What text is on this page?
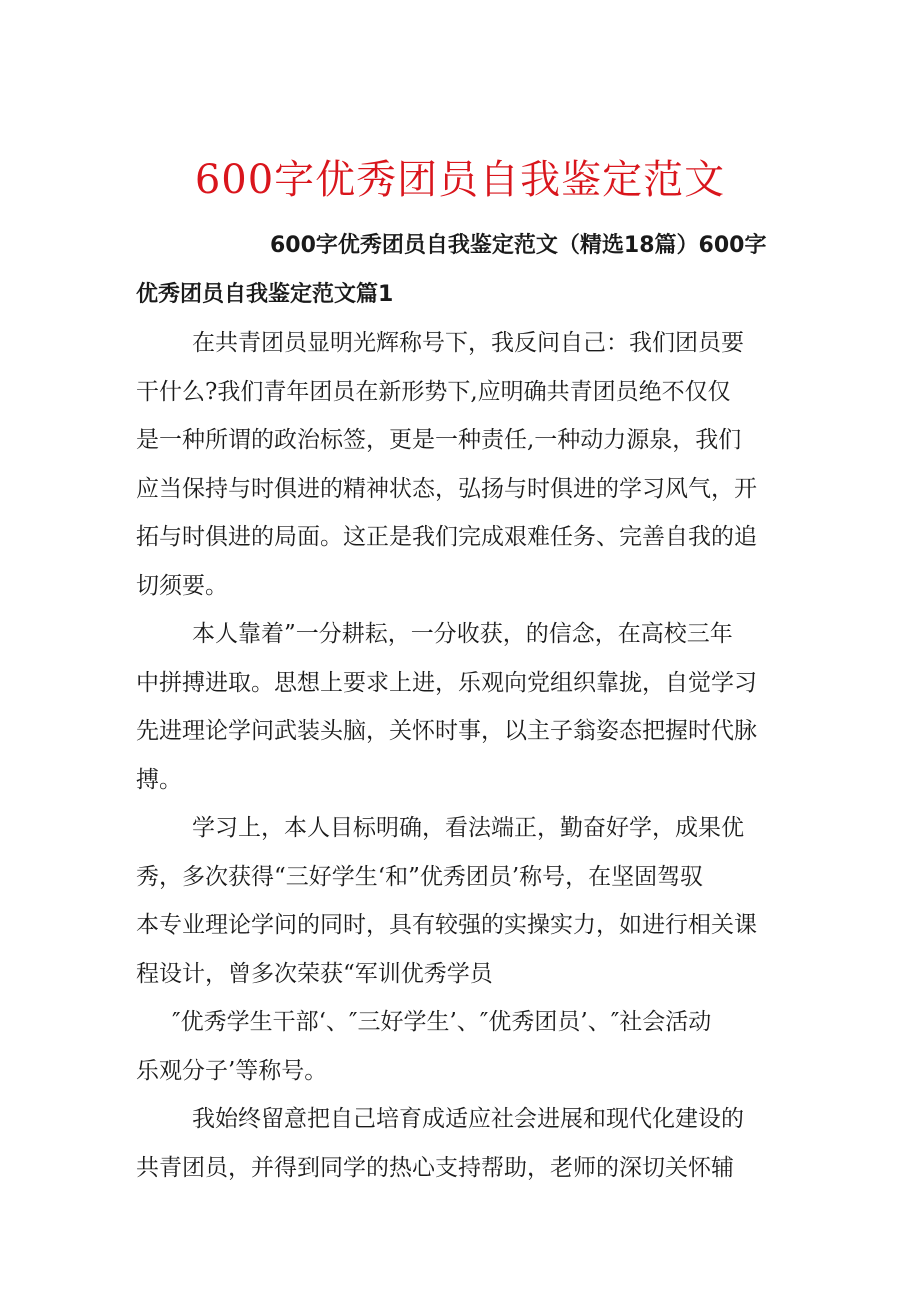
600字优秀团员自我鉴定范文
600字优秀团员自我鉴定范文（精选18篇）600字
优秀团员自我鉴定范文篇1
在共青团员显明光辉称号下，我反问自己：我们团员要
干什么?我们青年团员在新形势下,应明确共青团员绝不仅仅
是一种所谓的政治标签，更是一种责任,一种动力源泉，我们
应当保持与时俱进的精神状态，弘扬与时俱进的学习风气，开
拓与时俱进的局面。这正是我们完成艰难任务、完善自我的追
切须要。
本人靠着”一分耕耘，一分收获，的信念，在高校三年
中拼搏进取。思想上要求上进，乐观向党组织靠拢，自觉学习
先进理论学问武装头脑，关怀时事，以主子翁姿态把握时代脉
搏。
学习上，本人目标明确，看法端正，勤奋好学，成果优
秀，多次获得“三好学生‘和”优秀团员’称号，在坚固驾驭
本专业理论学问的同时，具有较强的实操实力，如进行相关课
程设计，曾多次荣获“军训优秀学员
″优秀学生干部‘、″三好学生’、″优秀团员’、″社会活动
乐观分子’等称号。
我始终留意把自己培育成适应社会进展和现代化建设的
共青团员，并得到同学的热心支持帮助，老师的深切关怀辅
